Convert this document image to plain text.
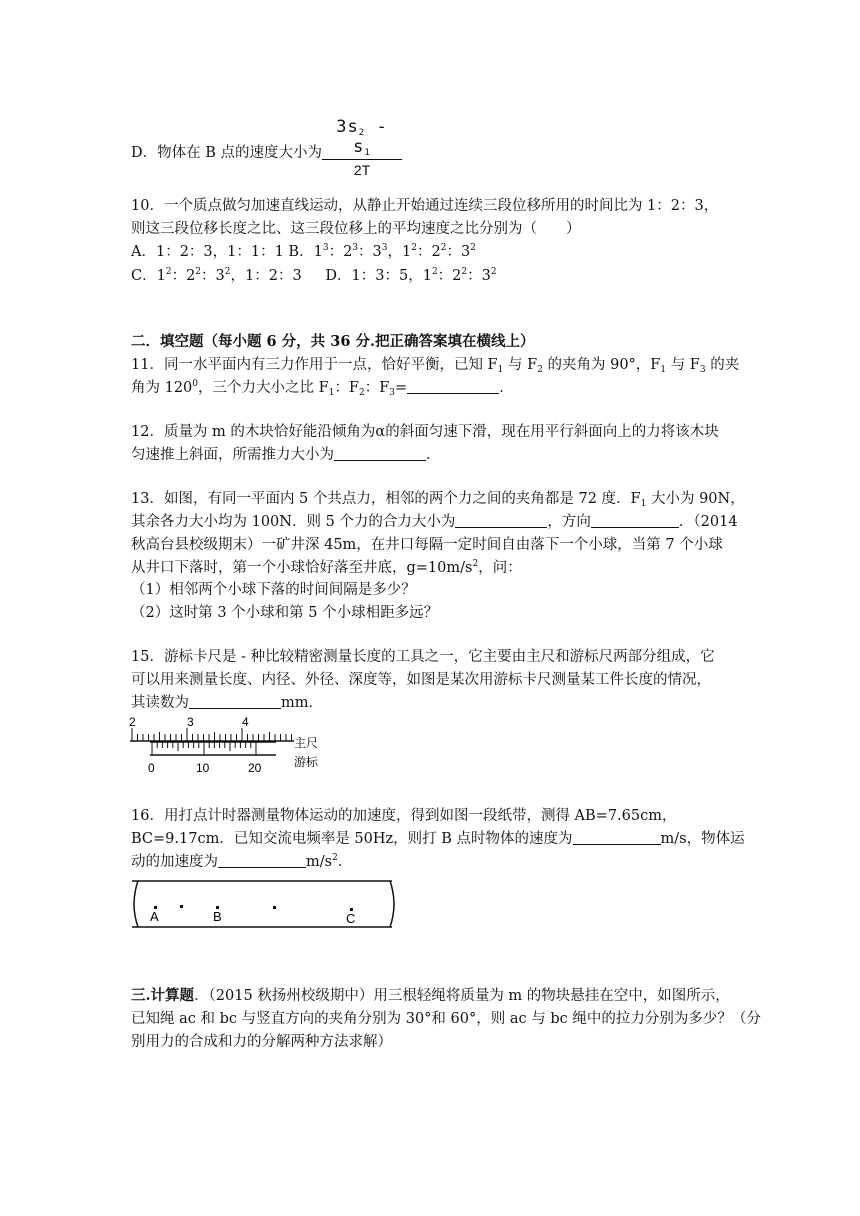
D．物体在 B 点的速度大小为
$3s_2 - s_1$
2T
10．一个质点做匀加速直线运动，从静止开始通过连续三段位移所用的时间比为 1：2：3，
则这三段位移长度之比、这三段位移上的平均速度之比分别为（　　）
A．1：2：3，1：1：1 B．$1^3$：$2^3$：$3^3$，$1^2$：$2^2$：$3^2$
C．$1^2$：$2^2$：$3^2$，1：2：3　  D．1：3：5，$1^2$：$2^2$：$3^2$
二．填空题（每小题 6 分，共 36 分.把正确答案填在横线上）
11．同一水平面内有三力作用于一点，恰好平衡，已知 $F_1$ 与 $F_2$ 的夹角为 90°，$F_1$ 与 $F_3$ 的夹
角为 $120^0$，三个力大小之比 $F_1$：$F_2$：$F_3=$	．
12．质量为 m 的木块恰好能沿倾角为α的斜面匀速下滑，现在用平行斜面向上的力将该木块
匀速推上斜面，所需推力大小为	．
13．如图，有同一平面内 5 个共点力，相邻的两个力之间的夹角都是 72 度．$F_1$ 大小为 90N，
其余各力大小均为 100N．则 5 个力的合力大小为	，方向	．（2014
秋高台县校级期末）一矿井深 45m，在井口每隔一定时间自由落下一个小球，当第 7 个小球
从井口下落时，第一个小球恰好落至井底，$g=10m/s^2$，问：
（1）相邻两个小球下落的时间间隔是多少？
（2）这时第 3 个小球和第 5 个小球相距多远？
15．游标卡尺是 - 种比较精密测量长度的工具之一，它主要由主尺和游标尺两部分组成，它
可以用来测量长度、内径、外径、深度等，如图是某次用游标卡尺测量某工件长度的情况，
其读数为	mm．
2	3	4
0	10	20
主尺
游标
16．用打点计时器测量物体运动的加速度，得到如图一段纸带，测得 AB=7.65cm，
BC=9.17cm．已知交流电频率是 50Hz，则打 B 点时物体的速度为	m/s，物体运
动的加速度为	$m/s^2$．
A	B	C
三.计算题．（2015 秋扬州校级期中）用三根轻绳将质量为 m 的物块悬挂在空中，如图所示，
已知绳 ac 和 bc 与竖直方向的夹角分别为 30°和 60°，则 ac 与 bc 绳中的拉力分别为多少？（分
别用力的合成和力的分解两种方法求解）
